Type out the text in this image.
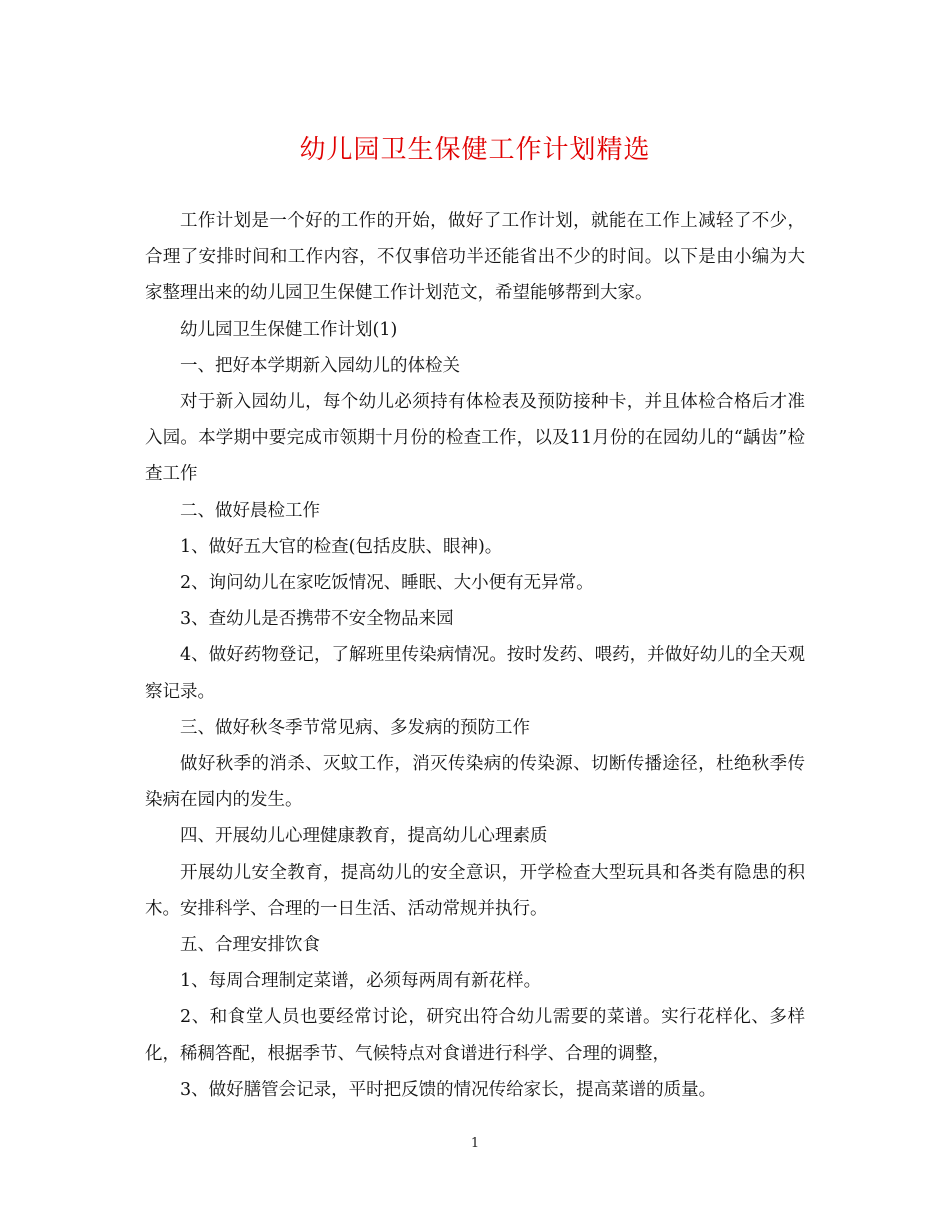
幼儿园卫生保健工作计划精选

工作计划是一个好的工作的开始，做好了工作计划，就能在工作上减轻了不少，合理了安排时间和工作内容，不仅事倍功半还能省出不少的时间。以下是由小编为大家整理出来的幼儿园卫生保健工作计划范文，希望能够帮到大家。

幼儿园卫生保健工作计划(1)

一、把好本学期新入园幼儿的体检关

对于新入园幼儿，每个幼儿必须持有体检表及预防接种卡，并且体检合格后才准入园。本学期中要完成市领期十月份的检查工作，以及11月份的在园幼儿的“龋齿”检查工作

二、做好晨检工作

1、做好五大官的检查(包括皮肤、眼神)。

2、询问幼儿在家吃饭情况、睡眠、大小便有无异常。

3、查幼儿是否携带不安全物品来园

4、做好药物登记，了解班里传染病情况。按时发药、喂药，并做好幼儿的全天观察记录。

三、做好秋冬季节常见病、多发病的预防工作

做好秋季的消杀、灭蚊工作，消灭传染病的传染源、切断传播途径，杜绝秋季传染病在园内的发生。

四、开展幼儿心理健康教育，提高幼儿心理素质

开展幼儿安全教育，提高幼儿的安全意识，开学检查大型玩具和各类有隐患的积木。安排科学、合理的一日生活、活动常规并执行。

五、合理安排饮食

1、每周合理制定菜谱，必须每两周有新花样。

2、和食堂人员也要经常讨论，研究出符合幼儿需要的菜谱。实行花样化、多样化，稀稠答配，根据季节、气候特点对食谱进行科学、合理的调整，

3、做好膳管会记录，平时把反馈的情况传给家长，提高菜谱的质量。

1
